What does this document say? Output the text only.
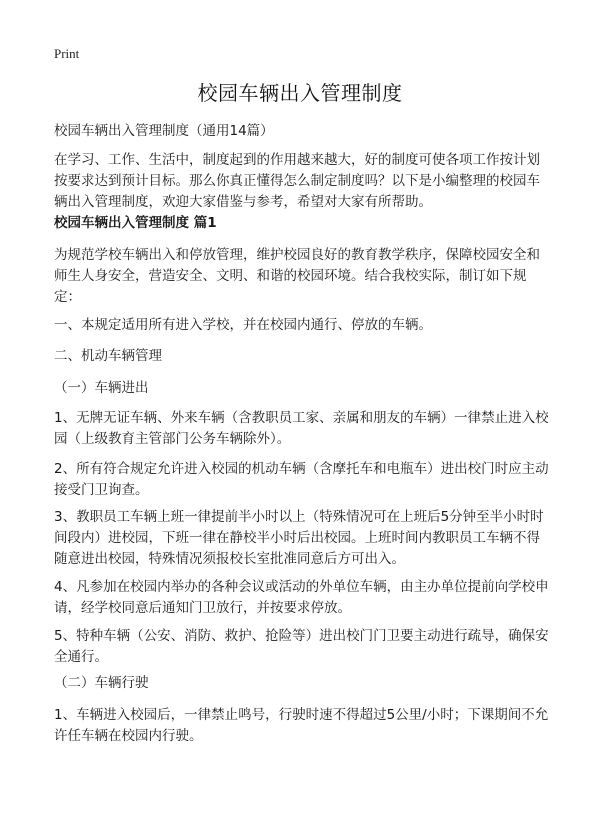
Print
校园车辆出入管理制度
校园车辆出入管理制度（通用14篇）
在学习、工作、生活中，制度起到的作用越来越大，好的制度可使各项工作按计划按要求达到预计目标。那么你真正懂得怎么制定制度吗？以下是小编整理的校园车辆出入管理制度，欢迎大家借鉴与参考，希望对大家有所帮助。
校园车辆出入管理制度 篇1
为规范学校车辆出入和停放管理，维护校园良好的教育教学秩序，保障校园安全和师生人身安全，营造安全、文明、和谐的校园环境。结合我校实际，制订如下规定：
一、本规定适用所有进入学校，并在校园内通行、停放的车辆。
二、机动车辆管理
（一）车辆进出
1、无牌无证车辆、外来车辆（含教职员工家、亲属和朋友的车辆）一律禁止进入校园（上级教育主管部门公务车辆除外）。
2、所有符合规定允许进入校园的机动车辆（含摩托车和电瓶车）进出校门时应主动接受门卫询查。
3、教职员工车辆上班一律提前半小时以上（特殊情况可在上班后5分钟至半小时时间段内）进校园，下班一律在静校半小时后出校园。上班时间内教职员工车辆不得随意进出校园，特殊情况须报校长室批准同意后方可出入。
4、凡参加在校园内举办的各种会议或活动的外单位车辆，由主办单位提前向学校申请，经学校同意后通知门卫放行，并按要求停放。
5、特种车辆（公安、消防、救护、抢险等）进出校门门卫要主动进行疏导，确保安全通行。
（二）车辆行驶
1、车辆进入校园后，一律禁止鸣号，行驶时速不得超过5公里/小时；下课期间不允许任车辆在校园内行驶。
